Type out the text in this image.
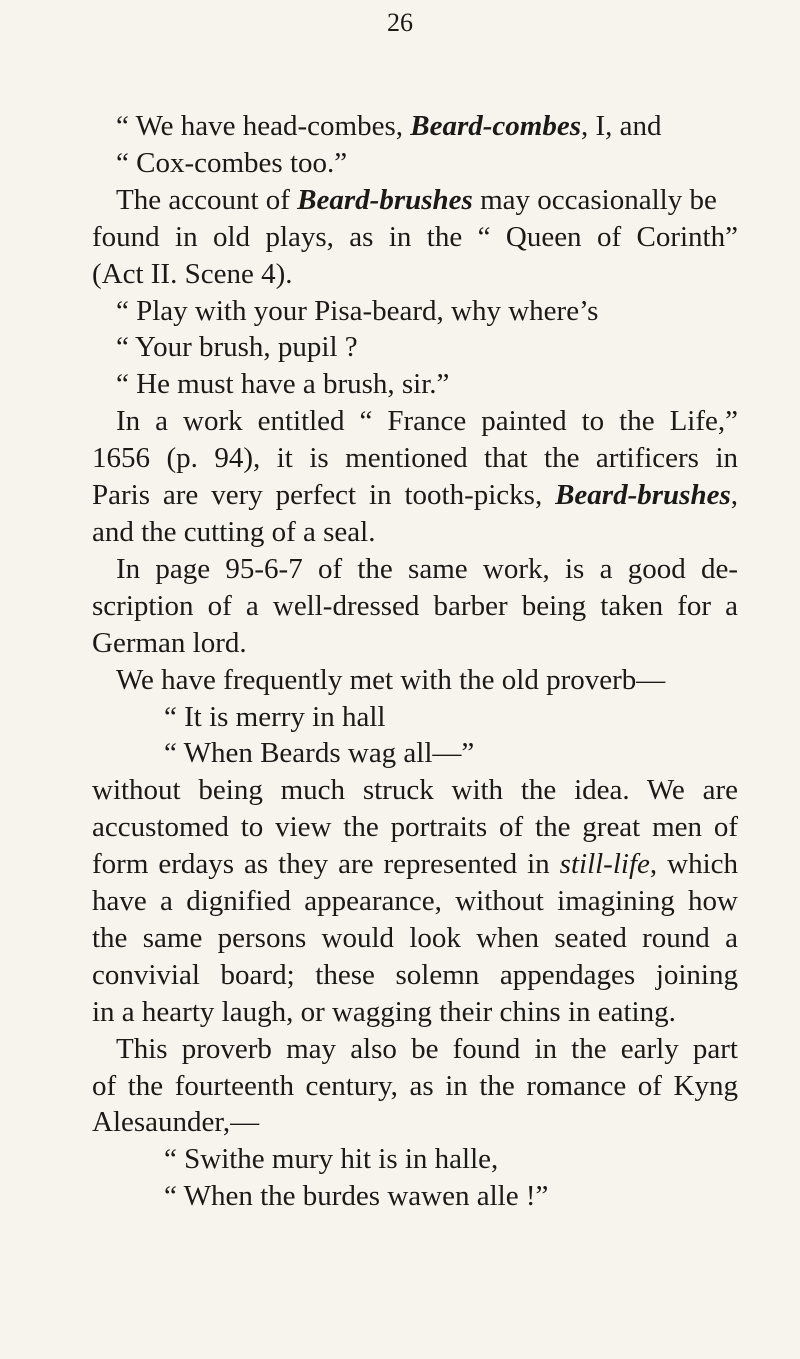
26
“ We have head-combes, Beard-combes, I, and
“ Cox-combes too.”
The account of Beard-brushes may occasionally be
found in old plays, as in the “ Queen of Corinth”
(Act II. Scene 4).
“ Play with your Pisa-beard, why where’s
“ Your brush, pupil ?
“ He must have a brush, sir.”
In a work entitled “ France painted to the Life,”
1656 (p. 94), it is mentioned that the artificers in
Paris are very perfect in tooth-picks, Beard-brushes,
and the cutting of a seal.
In page 95-6-7 of the same work, is a good de-
scription of a well-dressed barber being taken for a
German lord.
We have frequently met with the old proverb—
“ It is merry in hall
“ When Beards wag all—”
without being much struck with the idea. We are
accustomed to view the portraits of the great men of
form erdays as they are represented in still-life, which
have a dignified appearance, without imagining how
the same persons would look when seated round a
convivial board; these solemn appendages joining
in a hearty laugh, or wagging their chins in eating.
This proverb may also be found in the early part
of the fourteenth century, as in the romance of Kyng
Alesaunder,—
“ Swithe mury hit is in halle,
“ When the burdes wawen alle !”
